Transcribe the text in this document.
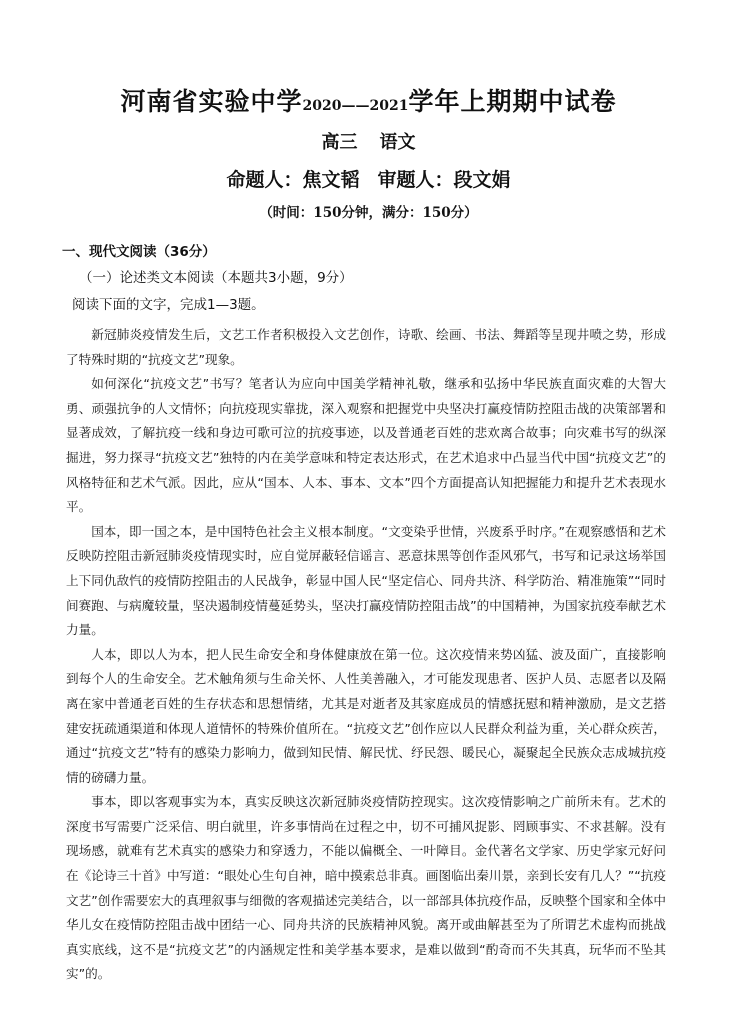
河南省实验中学2020——2021学年上期期中试卷
高三 语文
命题人：焦文韬 审题人：段文娟
（时间：150分钟，满分：150分）
一、现代文阅读（36分）
（一）论述类文本阅读（本题共3小题，9分）
阅读下面的文字，完成1—3题。

新冠肺炎疫情发生后，文艺工作者积极投入文艺创作，诗歌、绘画、书法、舞蹈等呈现井喷之势，形成了特殊时期的“抗疫文艺”现象。

如何深化“抗疫文艺”书写？笔者认为应向中国美学精神礼敬，继承和弘扬中华民族直面灾难的大智大勇、顽强抗争的人文情怀；向抗疫现实靠拢，深入观察和把握党中央坚决打赢疫情防控阻击战的决策部署和显著成效，了解抗疫一线和身边可歌可泣的抗疫事迹，以及普通老百姓的悲欢离合故事；向灾难书写的纵深掘进，努力探寻“抗疫文艺”独特的内在美学意味和特定表达形式，在艺术追求中凸显当代中国“抗疫文艺”的风格特征和艺术气派。因此，应从“国本、人本、事本、文本”四个方面提高认知把握能力和提升艺术表现水平。

国本，即一国之本，是中国特色社会主义根本制度。“文变染乎世情，兴废系乎时序。”在观察感悟和艺术反映防控阻击新冠肺炎疫情现实时，应自觉屏蔽轻信谣言、恶意抹黑等创作歪风邪气，书写和记录这场举国上下同仇敌忾的疫情防控阻击的人民战争，彰显中国人民“坚定信心、同舟共济、科学防治、精准施策”“同时间赛跑、与病魔较量，坚决遏制疫情蔓延势头，坚决打赢疫情防控阻击战”的中国精神，为国家抗疫奉献艺术力量。

人本，即以人为本，把人民生命安全和身体健康放在第一位。这次疫情来势凶猛、波及面广，直接影响到每个人的生命安全。艺术触角须与生命关怀、人性美善融入，才可能发现患者、医护人员、志愿者以及隔离在家中普通老百姓的生存状态和思想情绪，尤其是对逝者及其家庭成员的情感抚慰和精神激励，是文艺搭建安抚疏通渠道和体现人道情怀的特殊价值所在。“抗疫文艺”创作应以人民群众利益为重，关心群众疾苦，通过“抗疫文艺”特有的感染力影响力，做到知民情、解民忧、纾民怨、暖民心，凝聚起全民族众志成城抗疫情的磅礴力量。

事本，即以客观事实为本，真实反映这次新冠肺炎疫情防控现实。这次疫情影响之广前所未有。艺术的深度书写需要广泛采信、明白就里，许多事情尚在过程之中，切不可捕风捉影、罔顾事实、不求甚解。没有现场感，就难有艺术真实的感染力和穿透力，不能以偏概全、一叶障目。金代著名文学家、历史学家元好问在《论诗三十首》中写道：“眼处心生句自神，暗中摸索总非真。画图临出秦川景，亲到长安有几人？”“抗疫文艺”创作需要宏大的真理叙事与细微的客观描述完美结合，以一部部具体抗疫作品，反映整个国家和全体中华儿女在疫情防控阻击战中团结一心、同舟共济的民族精神风貌。离开或曲解甚至为了所谓艺术虚构而挑战真实底线，这不是“抗疫文艺”的内涵规定性和美学基本要求，是难以做到“酌奇而不失其真，玩华而不坠其实”的。
